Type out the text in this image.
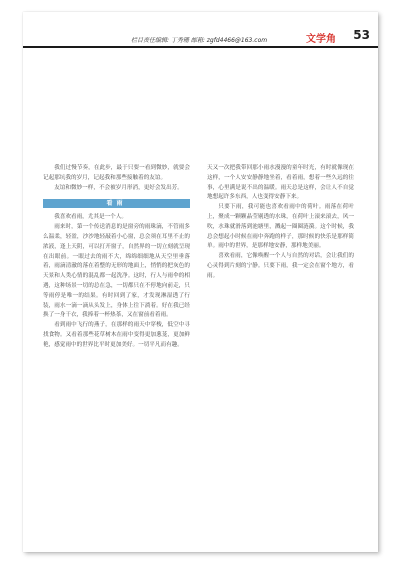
栏目责任编辑: 丁秀珊 邮箱: zgfd4466@163.com	文学角 53

我们过慢节奏，在此步，最于只要一看到微妙，就要会记起那坑我的岁月，记起我和那些接触着的友谊。

友谊和微妙一样，不会被岁月形消，更好会发出芳。

看雨

我喜欢看雨，尤其是一个人。

雨来时，第一个传送消息的是窗旁的雨珠滴，不管雨多么温柔，轻盈，沙沙地轻敲着小心窗，总会须在耳里不止的浓液，逢上天阴，可以打开窗子，自然界的一切立刻就呈现在出眼前。一眼过去的雨不大，绵绵细细地从天空里垂落着，雨滴清澈的落在着整的无形的地面上，悄悄的把灰色的天景和人类心情的混乱都一起洗净。这时，行人与雨伞的相遇，这种场景一切的总在急，一切都只在不停地向前走，只等雨停是唯一的结果。有时回到了家，才发现淋湿透了行装，雨水一滴一滴从头发上，身体上往下淌着。好在我已经换了一身干衣，我捧着一杯热茶，又在窗前看着雨。

看到雨中飞行的燕子，在那样的雨天中穿梭，低空中寻找食物。又看着那些花草树木在雨中变得更加葱茏，更加鲜艳，感觉雨中的世界比平时更加美好。一切平凡而有趣。

天又一次把我带回那小雨水漫漫的童年时光，有时就像现在这样，一个人安安静静地坐着，看着雨，想着一些久远的往事，心里满是说不出的温暖。雨天总是这样，会让人不自觉地想起许多东西，人也变得安静下来。

只要下雨，我可能也喜欢看雨中的荷叶。雨落在荷叶上，聚成一颗颗晶莹剔透的水珠，在荷叶上滚来滚去，风一吹，水珠就滑落到池塘里，溅起一圈圈涟漪。这个时候，我总会想起小时候在雨中奔跑的样子，那时候的快乐是那样简单。雨中的世界，是那样地安静，那样地美丽。

喜欢看雨，它像唤醒一个人与自然的对话，会让我们的心灵得到片刻的宁静。只要下雨，我一定会在窗个地方，看雨。
